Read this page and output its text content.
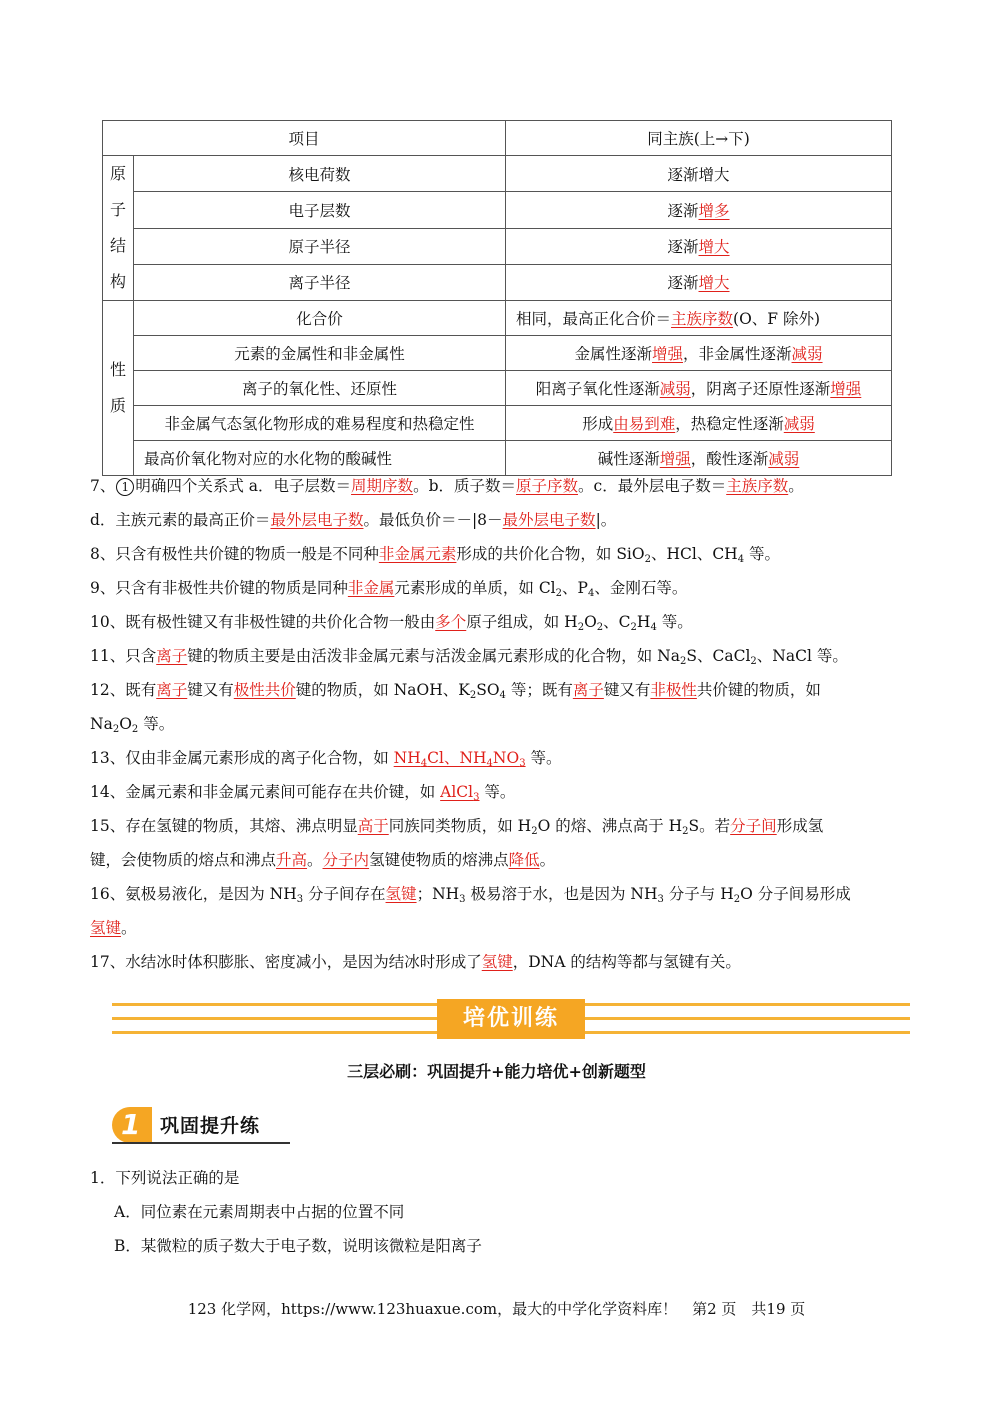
项目		同主族(上→下)

原
子
结
构	核电荷数	逐渐增大
	电子层数	逐渐增多
	原子半径	逐渐增大
	离子半径	逐渐增大

性
质	化合价	相同，最高正化合价＝主族序数(O、F 除外)
	元素的金属性和非金属性	金属性逐渐增强，非金属性逐渐减弱
	离子的氧化性、还原性	阳离子氧化性逐渐减弱，阴离子还原性逐渐增强
	非金属气态氢化物形成的难易程度和热稳定性	形成由易到难，热稳定性逐渐减弱
	最高价氧化物对应的水化物的酸碱性	碱性逐渐增强，酸性逐渐减弱
7、 1 明确四个关系式 a．电子层数＝周期序数。b．质子数＝原子序数。c．最外层电子数＝主族序数。
d．主族元素的最高正价＝最外层电子数。最低负价＝－|8－最外层电子数|。
8、只含有极性共价键的物质一般是不同种非金属元素形成的共价化合物，如 SiO$_2$、HCl、$CH_4$ 等。
9、只含有非极性共价键的物质是同种非金属元素形成的单质，如 $Cl_2$、$P_4$、金刚石等。
10、既有极性键又有非极性键的共价化合物一般由多个原子组成，如 $H_2O_2$、$C_2H_4$ 等。
11、只含离子键的物质主要是由活泼非金属元素与活泼金属元素形成的化合物，如 $Na_2S$、CaCl$_2$、NaCl 等。
12、既有离子键又有极性共价键的物质，如 NaOH、$K_2SO_4$ 等；既有离子键又有非极性共价键的物质，如
$Na_2O_2$ 等。
13、仅由非金属元素形成的离子化合物，如 $NH_4Cl$、$NH_4NO_3$ 等。
14、金属元素和非金属元素间可能存在共价键，如 AlCl$_3$ 等。
15、存在氢键的物质，其熔、沸点明显高于同族同类物质，如 $H_2O$ 的熔、沸点高于 $H_2S$。若分子间形成氢
键，会使物质的熔点和沸点升高。分子内氢键使物质的熔沸点降低。
16、氨极易液化，是因为 $NH_3$ 分子间存在氢键；$NH_3$ 极易溶于水，也是因为 $NH_3$ 分子与 $H_2O$ 分子间易形成
氢键。
17、水结冰时体积膨胀、密度减小，是因为结冰时形成了氢键，DNA 的结构等都与氢键有关。
培优训练
三层必刷：巩固提升+能力培优+创新题型
1 巩固提升练
1．下列说法正确的是
A．同位素在元素周期表中占据的位置不同
B．某微粒的质子数大于电子数，说明该微粒是阳离子
123 化学网，https://www.123huaxue.com，最大的中学化学资料库！　第2 页　共19 页
